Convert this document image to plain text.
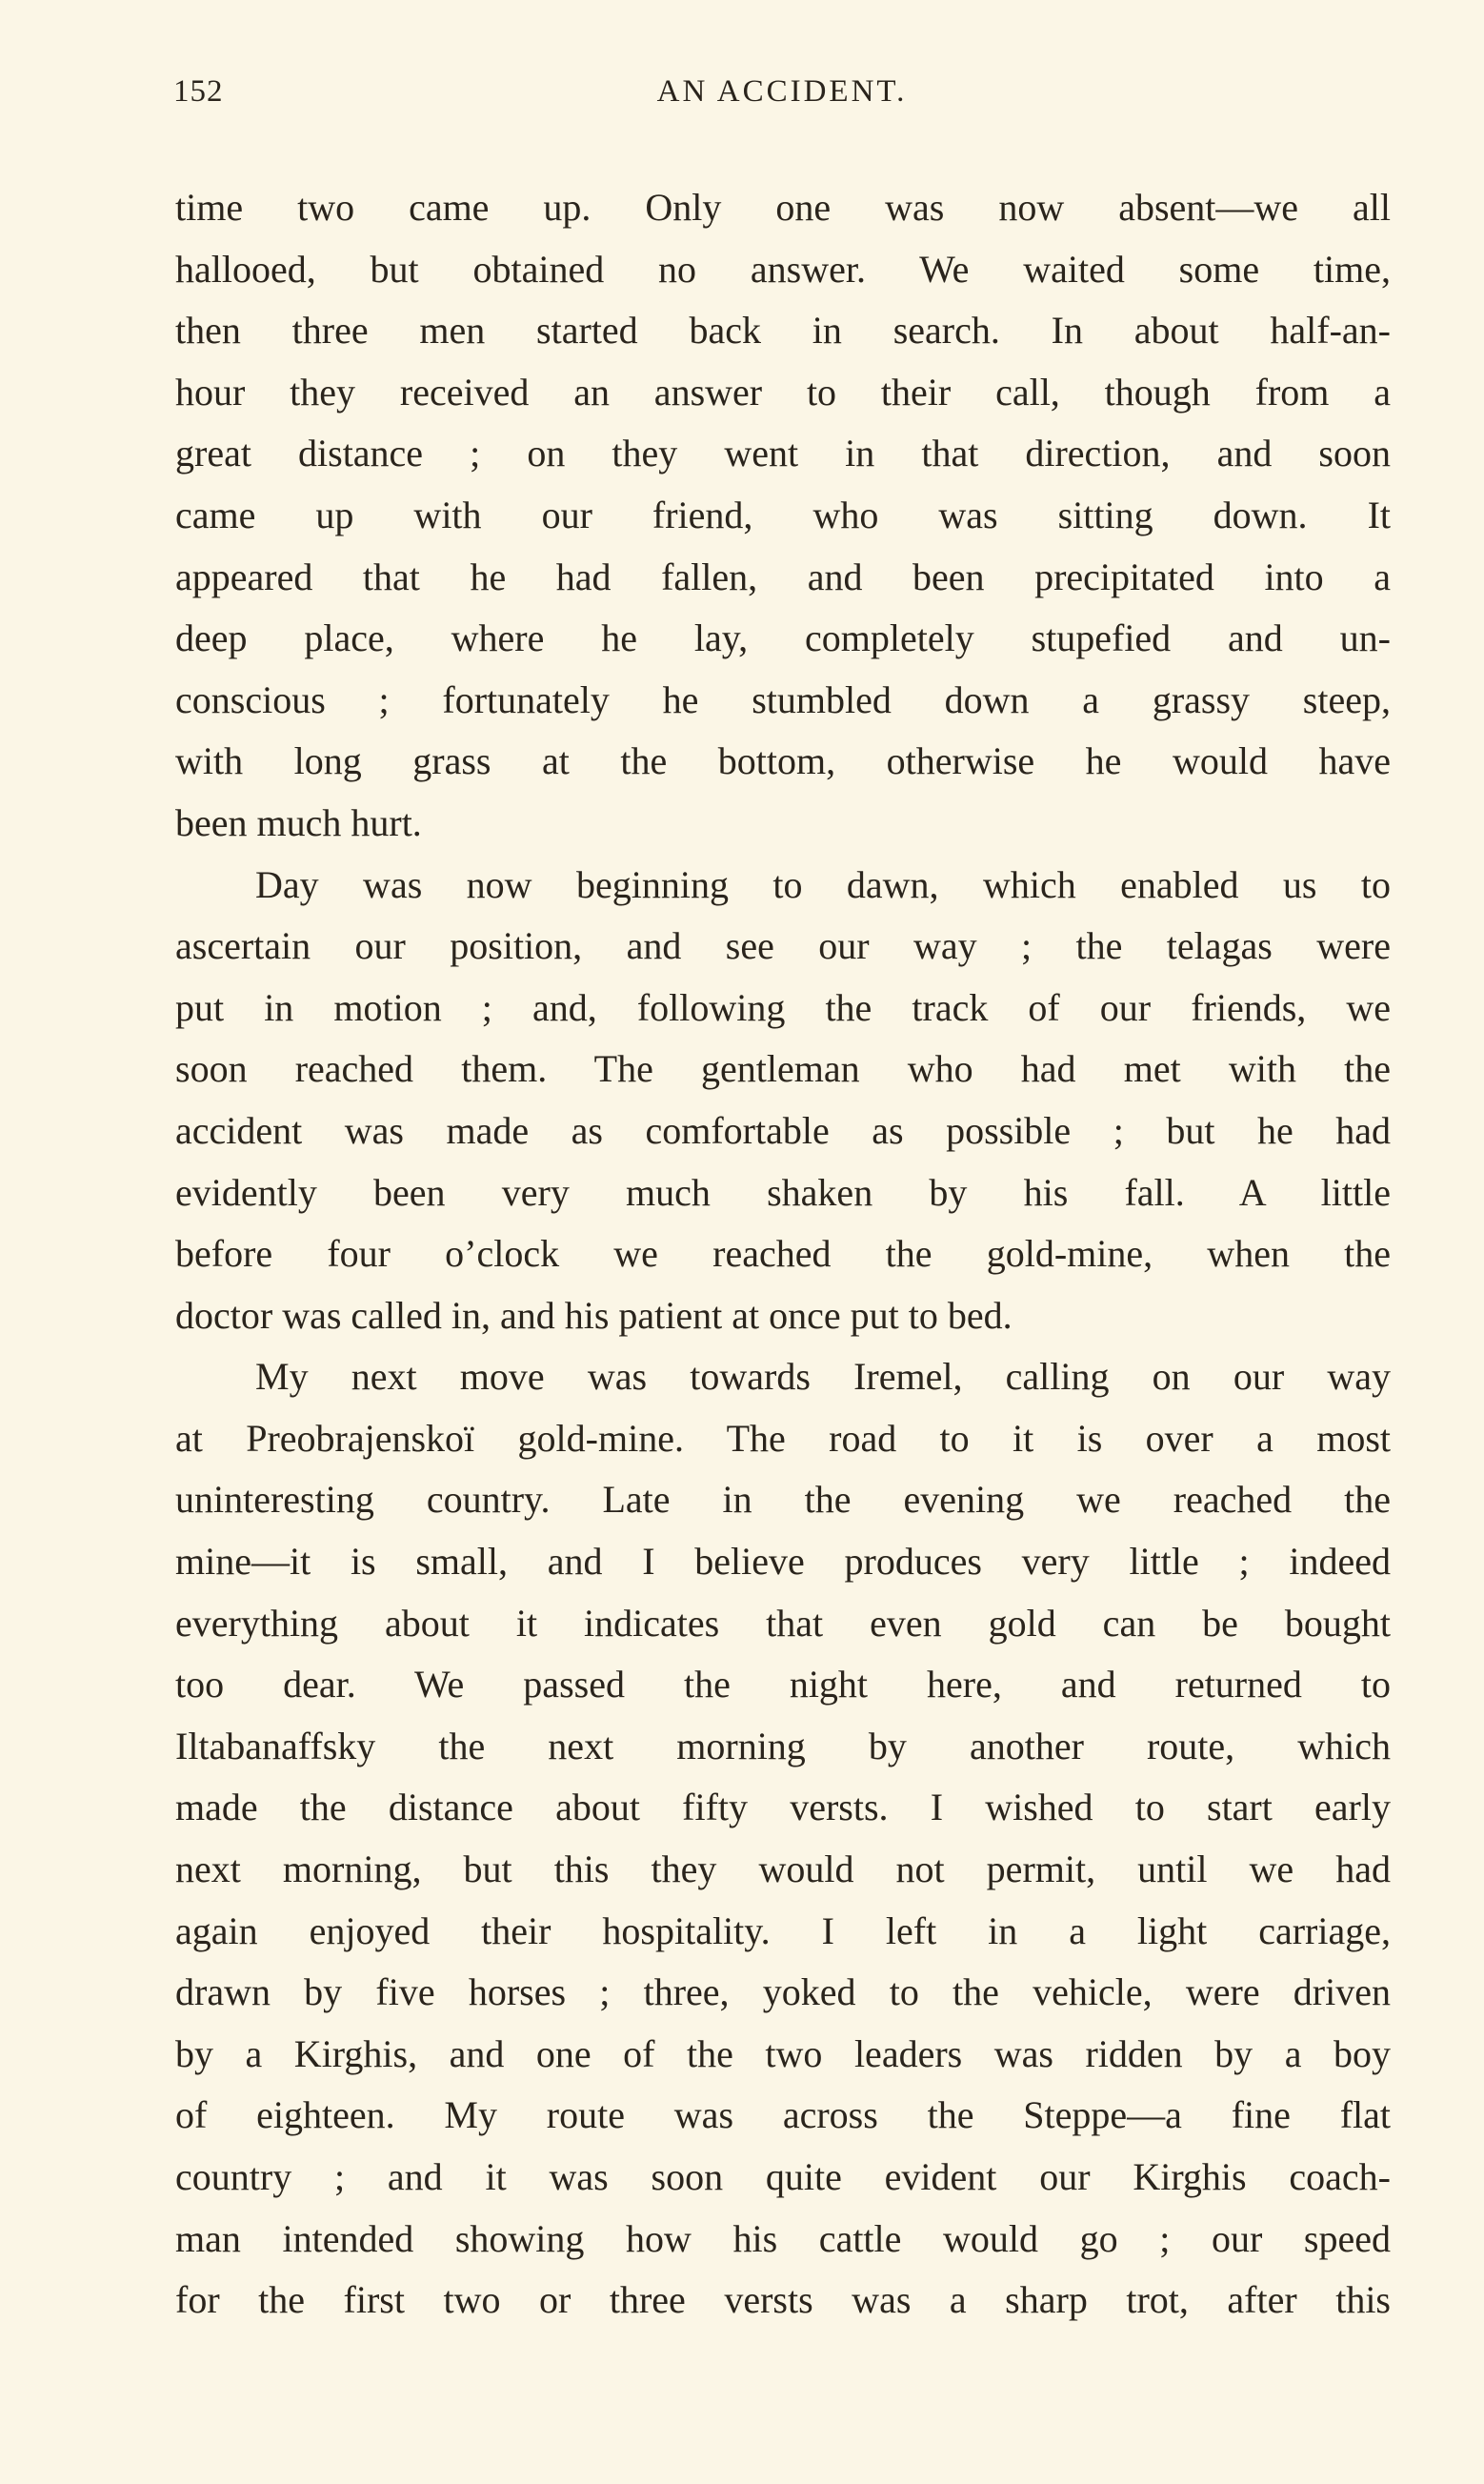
152	AN ACCIDENT.
time two came up. Only one was now absent—we all
hallooed, but obtained no answer. We waited some time,
then three men started back in search. In about half-an-
hour they received an answer to their call, though from a
great distance ; on they went in that direction, and soon
came up with our friend, who was sitting down. It
appeared that he had fallen, and been precipitated into a
deep place, where he lay, completely stupefied and un-
conscious ; fortunately he stumbled down a grassy steep,
with long grass at the bottom, otherwise he would have
been much hurt.
Day was now beginning to dawn, which enabled us to
ascertain our position, and see our way ; the telagas were
put in motion ; and, following the track of our friends, we
soon reached them. The gentleman who had met with the
accident was made as comfortable as possible ; but he had
evidently been very much shaken by his fall. A little
before four o’clock we reached the gold-mine, when the
doctor was called in, and his patient at once put to bed.
My next move was towards Iremel, calling on our way
at Preobrajenskoï gold-mine. The road to it is over a most
uninteresting country. Late in the evening we reached the
mine—it is small, and I believe produces very little ; indeed
everything about it indicates that even gold can be bought
too dear. We passed the night here, and returned to
Iltabanaffsky the next morning by another route, which
made the distance about fifty versts. I wished to start early
next morning, but this they would not permit, until we had
again enjoyed their hospitality. I left in a light carriage,
drawn by five horses ; three, yoked to the vehicle, were driven
by a Kirghis, and one of the two leaders was ridden by a boy
of eighteen. My route was across the Steppe—a fine flat
country ; and it was soon quite evident our Kirghis coach-
man intended showing how his cattle would go ; our speed
for the first two or three versts was a sharp trot, after this
